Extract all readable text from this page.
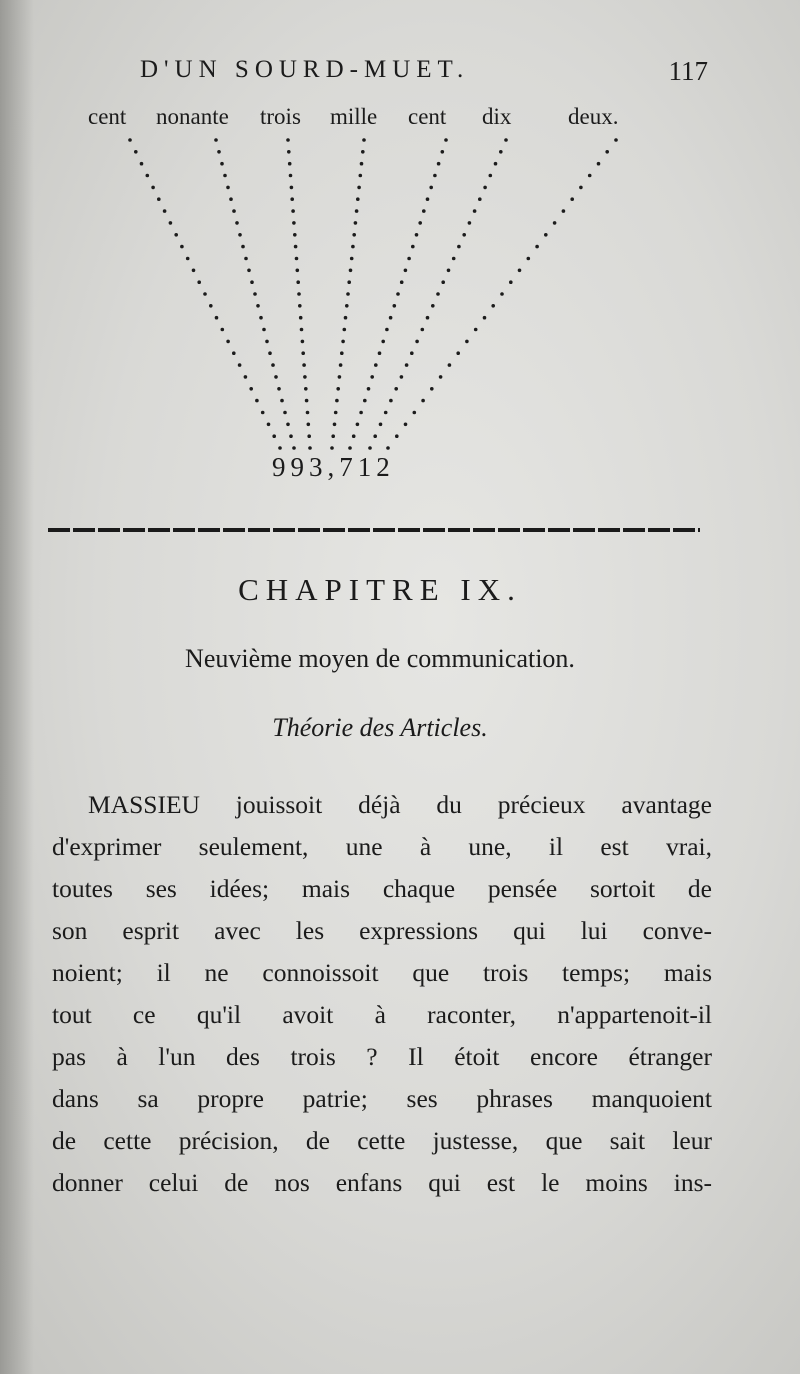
D'UN SOURD-MUET.	117
cent nonante trois mille cent dix deux.
993,712
CHAPITRE IX.
Neuvième moyen de communication.
Théorie des Articles.
MASSIEU jouissoit déjà du précieux avantage
d'exprimer seulement, une à une, il est vrai,
toutes ses idées; mais chaque pensée sortoit de
son esprit avec les expressions qui lui conve-
noient; il ne connoissoit que trois temps; mais
tout ce qu'il avoit à raconter, n'appartenoit-il
pas à l'un des trois ? Il étoit encore étranger
dans sa propre patrie; ses phrases manquoient
de cette précision, de cette justesse, que sait leur
donner celui de nos enfans qui est le moins ins-
